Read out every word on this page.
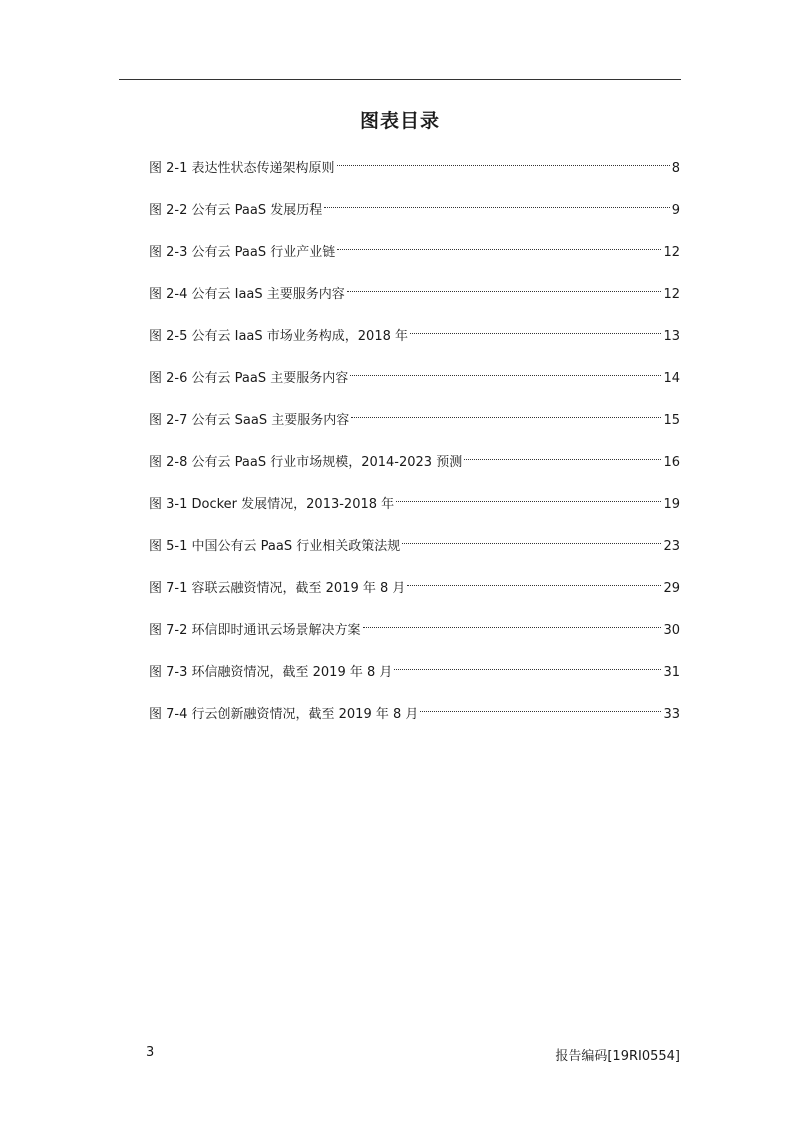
图表目录
图 2-1 表达性状态传递架构原则	8
图 2-2 公有云 PaaS 发展历程	9
图 2-3 公有云 PaaS 行业产业链	12
图 2-4 公有云 IaaS 主要服务内容	12
图 2-5 公有云 IaaS 市场业务构成，2018 年	13
图 2-6 公有云 PaaS 主要服务内容	14
图 2-7 公有云 SaaS 主要服务内容	15
图 2-8 公有云 PaaS 行业市场规模，2014-2023 预测	16
图 3-1 Docker 发展情况，2013-2018 年	19
图 5-1 中国公有云 PaaS 行业相关政策法规	23
图 7-1 容联云融资情况，截至 2019 年 8 月	29
图 7-2 环信即时通讯云场景解决方案	30
图 7-3 环信融资情况，截至 2019 年 8 月	31
图 7-4 行云创新融资情况，截至 2019 年 8 月	33
3	报告编码[19RI0554]
